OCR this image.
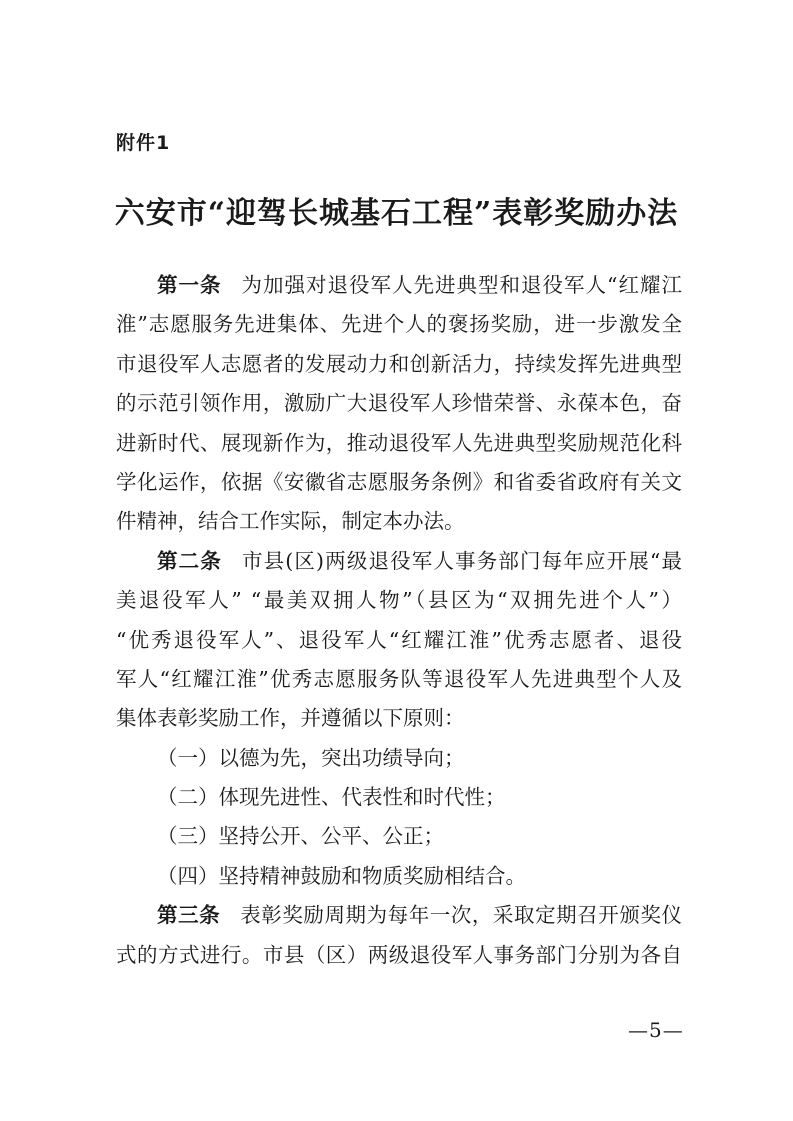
附件1
六安市“迎驾长城基石工程”表彰奖励办法
第一条 为加强对退役军人先进典型和退役军人“红耀江
淮”志愿服务先进集体、先进个人的褒扬奖励，进一步激发全
市退役军人志愿者的发展动力和创新活力，持续发挥先进典型
的示范引领作用，激励广大退役军人珍惜荣誉、永葆本色，奋
进新时代、展现新作为，推动退役军人先进典型奖励规范化科
学化运作，依据《安徽省志愿服务条例》和省委省政府有关文
件精神，结合工作实际，制定本办法。
第二条 市县(区)两级退役军人事务部门每年应开展“最
美退役军人” “最美双拥人物”（县区为“双拥先进个人”）
“优秀退役军人”、退役军人“红耀江淮”优秀志愿者、退役
军人“红耀江淮”优秀志愿服务队等退役军人先进典型个人及
集体表彰奖励工作，并遵循以下原则：
（一）以德为先，突出功绩导向；
（二）体现先进性、代表性和时代性；
（三）坚持公开、公平、公正；
（四）坚持精神鼓励和物质奖励相结合。
第三条 表彰奖励周期为每年一次，采取定期召开颁奖仪
式的方式进行。市县（区）两级退役军人事务部门分别为各自
—5—
